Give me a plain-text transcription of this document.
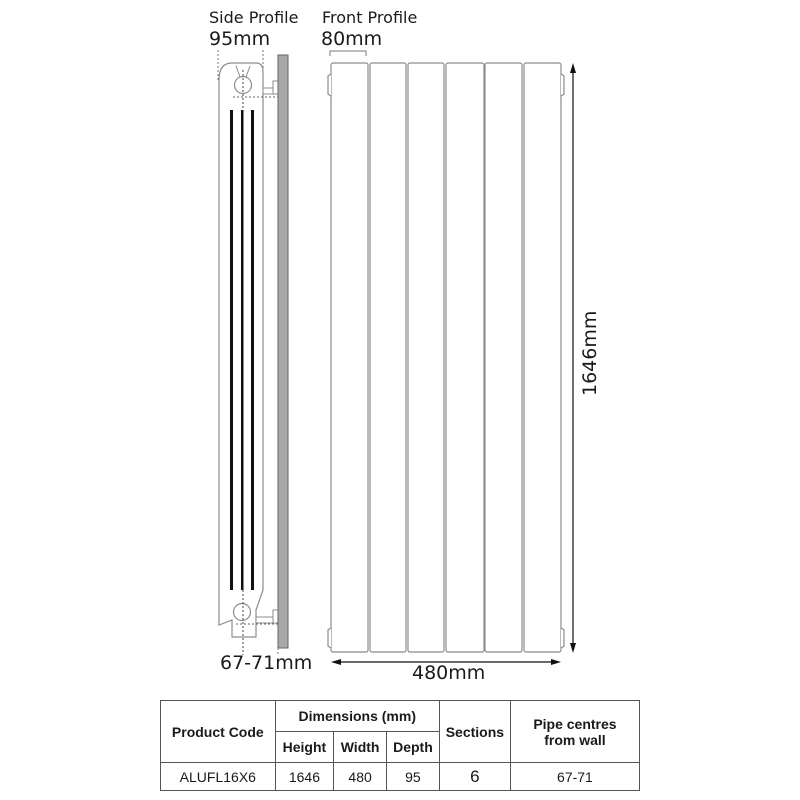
Side Profile
95mm
Front Profile
80mm
67-71mm	480mm
1646mm
Product Code	Dimensions (mm)			Sections	Pipe centres from wall
	Height	Width	Depth		
ALUFL16X6	1646	480	95	6	67-71
